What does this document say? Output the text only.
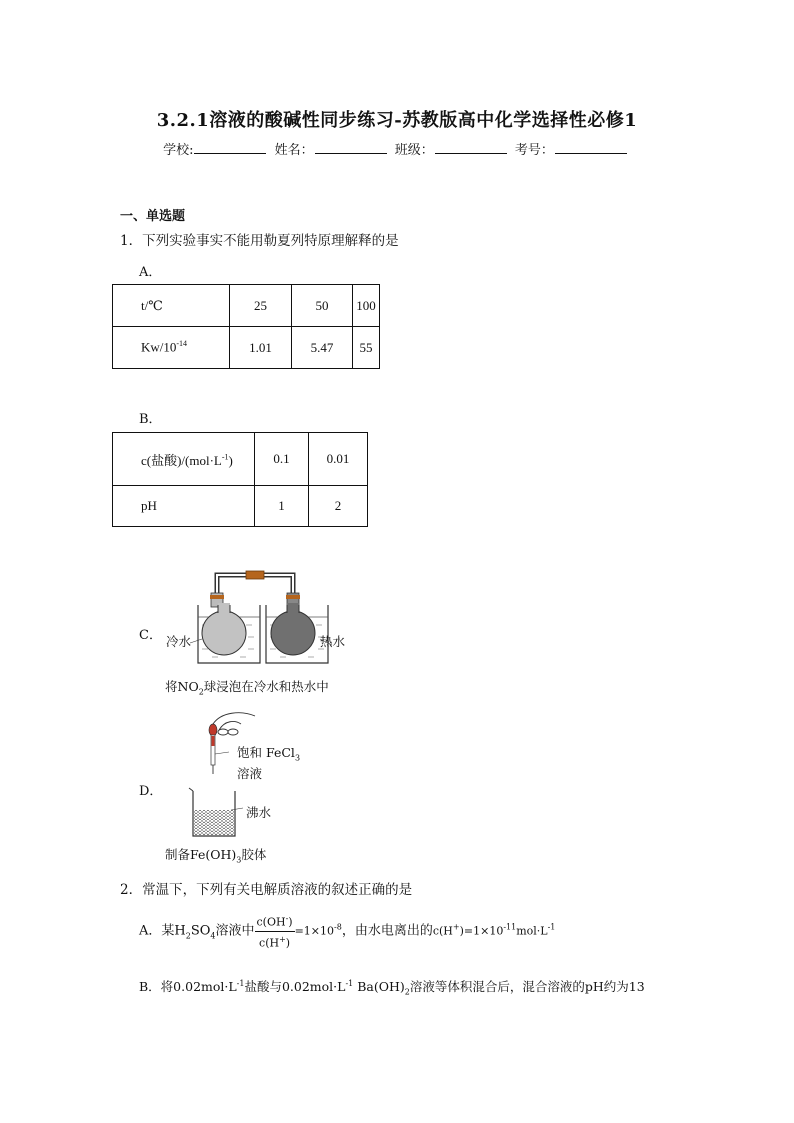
3.2.1溶液的酸碱性同步练习-苏教版高中化学选择性必修1
学校:	姓名：	班级：	考号：
一、单选题
1．下列实验事实不能用勒夏列特原理解释的是
A．
t/℃	25	50	100
$Kw/10^{-14}$	1.01	5.47	55
B．
c(盐酸)$/(mol\cdot L^{-1})$	0.1	0.01
pH	1	2
C． 冷水	热水
将$NO_2$球浸泡在冷水和热水中
D．
饱和 FeCl$_3$
溶液
沸水
制备$Fe(OH)_3$胶体
2．常温下，下列有关电解质溶液的叙述正确的是
A．某$H_2SO_4$溶液中 $\frac{c(OH^-)}{c(H^+)} =1\times 10^{-8}$，由水电离出的$c(H^+)=1\times 10^{-11}mol\cdot L^{-1}$
B．将$0.02mol\cdot L^{-1}$盐酸与$0.02mol\cdot L^{-1}$ $Ba(OH)_2$溶液等体积混合后，混合溶液的pH约为13
